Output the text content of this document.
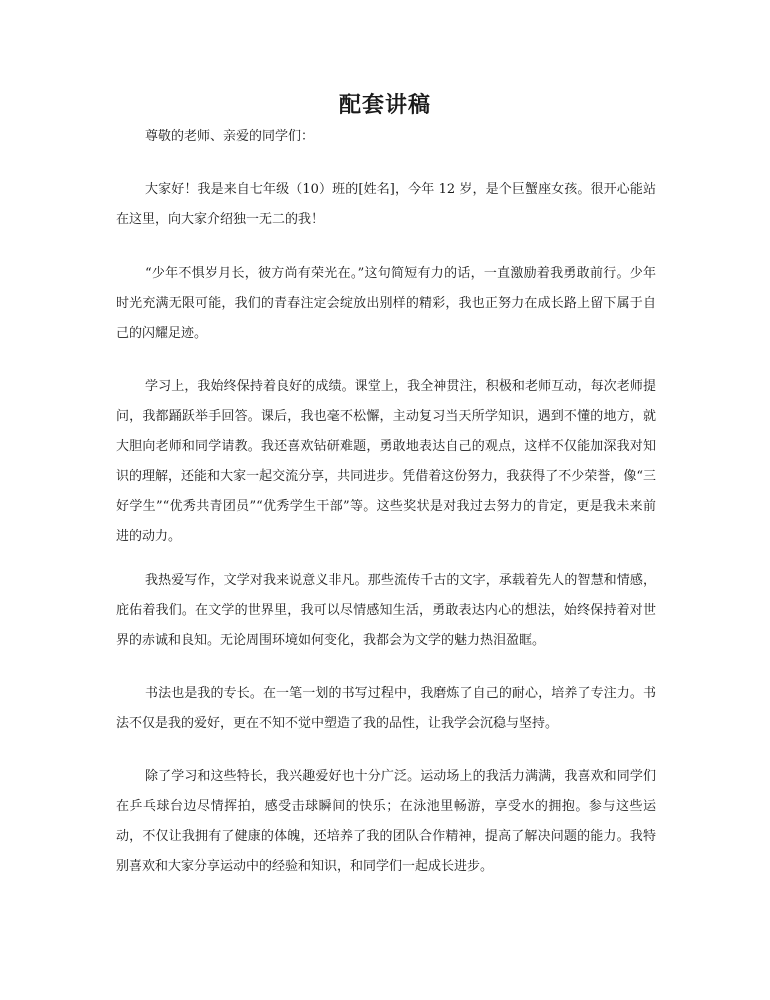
配套讲稿
尊敬的老师、亲爱的同学们：

大家好！我是来自七年级（10）班的[姓名]，今年 12 岁，是个巨蟹座女孩。很开心能站在这里，向大家介绍独一无二的我！

“少年不惧岁月长，彼方尚有荣光在。”这句简短有力的话，一直激励着我勇敢前行。少年时光充满无限可能，我们的青春注定会绽放出别样的精彩，我也正努力在成长路上留下属于自己的闪耀足迹。

学习上，我始终保持着良好的成绩。课堂上，我全神贯注，积极和老师互动，每次老师提问，我都踊跃举手回答。课后，我也毫不松懈，主动复习当天所学知识，遇到不懂的地方，就大胆向老师和同学请教。我还喜欢钻研难题，勇敢地表达自己的观点，这样不仅能加深我对知识的理解，还能和大家一起交流分享，共同进步。凭借着这份努力，我获得了不少荣誉，像“三好学生”“优秀共青团员”“优秀学生干部”等。这些奖状是对我过去努力的肯定，更是我未来前进的动力。

我热爱写作，文学对我来说意义非凡。那些流传千古的文字，承载着先人的智慧和情感，庇佑着我们。在文学的世界里，我可以尽情感知生活，勇敢表达内心的想法，始终保持着对世界的赤诚和良知。无论周围环境如何变化，我都会为文学的魅力热泪盈眶。

书法也是我的专长。在一笔一划的书写过程中，我磨炼了自己的耐心，培养了专注力。书法不仅是我的爱好，更在不知不觉中塑造了我的品性，让我学会沉稳与坚持。

除了学习和这些特长，我兴趣爱好也十分广泛。运动场上的我活力满满，我喜欢和同学们在乒乓球台边尽情挥拍，感受击球瞬间的快乐；在泳池里畅游，享受水的拥抱。参与这些运动，不仅让我拥有了健康的体魄，还培养了我的团队合作精神，提高了解决问题的能力。我特别喜欢和大家分享运动中的经验和知识，和同学们一起成长进步。
